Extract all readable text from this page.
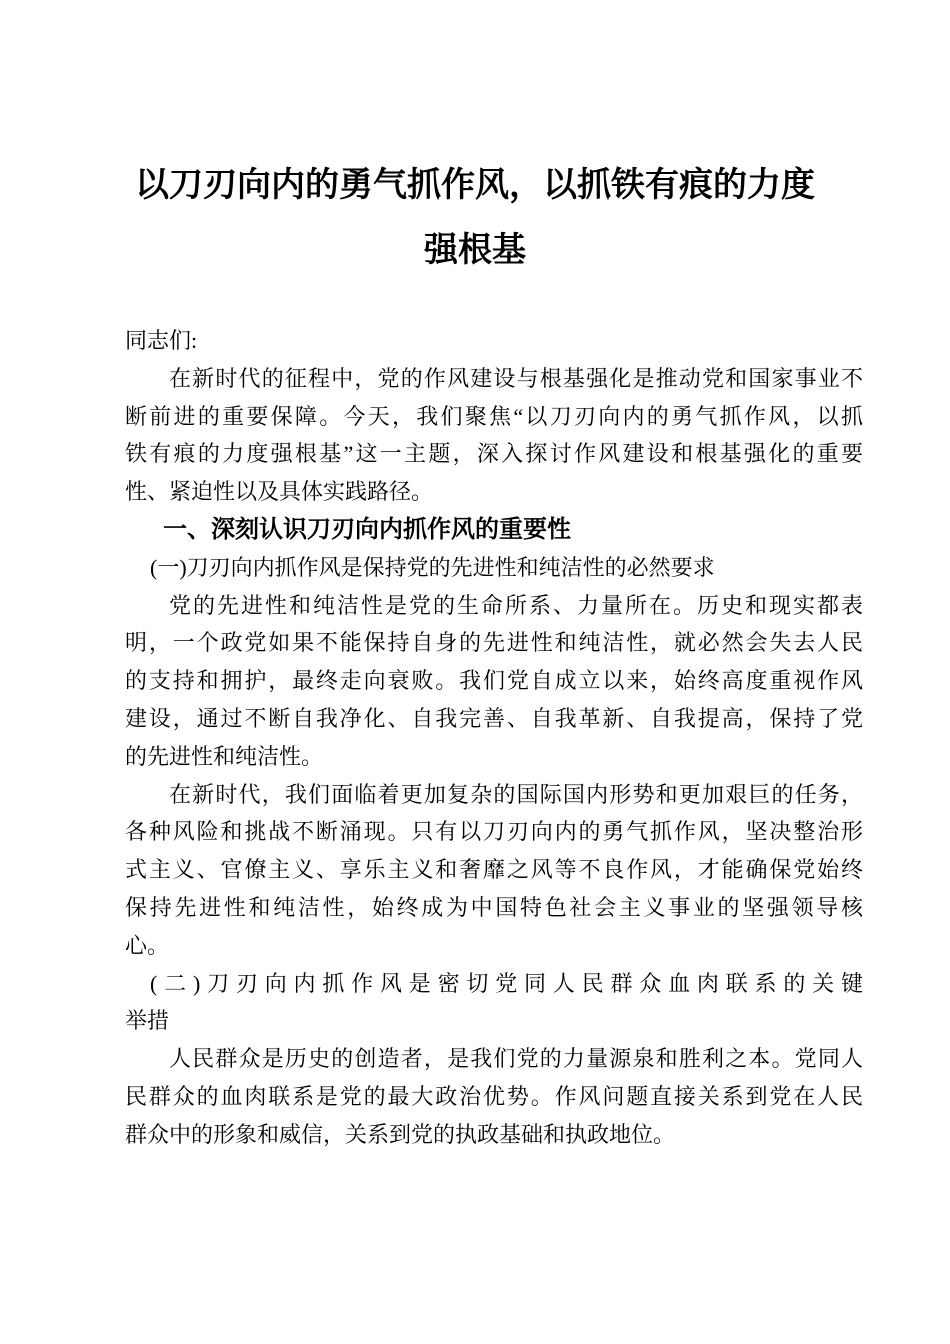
以刀刃向内的勇气抓作风，以抓铁有痕的力度
强根基
同志们:
在新时代的征程中，党的作风建设与根基强化是推动党和国家事业不
断前进的重要保障。今天，我们聚焦“以刀刃向内的勇气抓作风，以抓
铁有痕的力度强根基”这一主题，深入探讨作风建设和根基强化的重要
性、紧迫性以及具体实践路径。
一、深刻认识刀刃向内抓作风的重要性
(一)刀刃向内抓作风是保持党的先进性和纯洁性的必然要求
党的先进性和纯洁性是党的生命所系、力量所在。历史和现实都表
明，一个政党如果不能保持自身的先进性和纯洁性，就必然会失去人民
的支持和拥护，最终走向衰败。我们党自成立以来，始终高度重视作风
建设，通过不断自我净化、自我完善、自我革新、自我提高，保持了党
的先进性和纯洁性。
在新时代，我们面临着更加复杂的国际国内形势和更加艰巨的任务，
各种风险和挑战不断涌现。只有以刀刃向内的勇气抓作风，坚决整治形
式主义、官僚主义、享乐主义和奢靡之风等不良作风，才能确保党始终
保持先进性和纯洁性，始终成为中国特色社会主义事业的坚强领导核
心。
(二)刀刃向内抓作风是密切党同人民群众血肉联系的关键
举措
人民群众是历史的创造者，是我们党的力量源泉和胜利之本。党同人
民群众的血肉联系是党的最大政治优势。作风问题直接关系到党在人民
群众中的形象和威信，关系到党的执政基础和执政地位。
